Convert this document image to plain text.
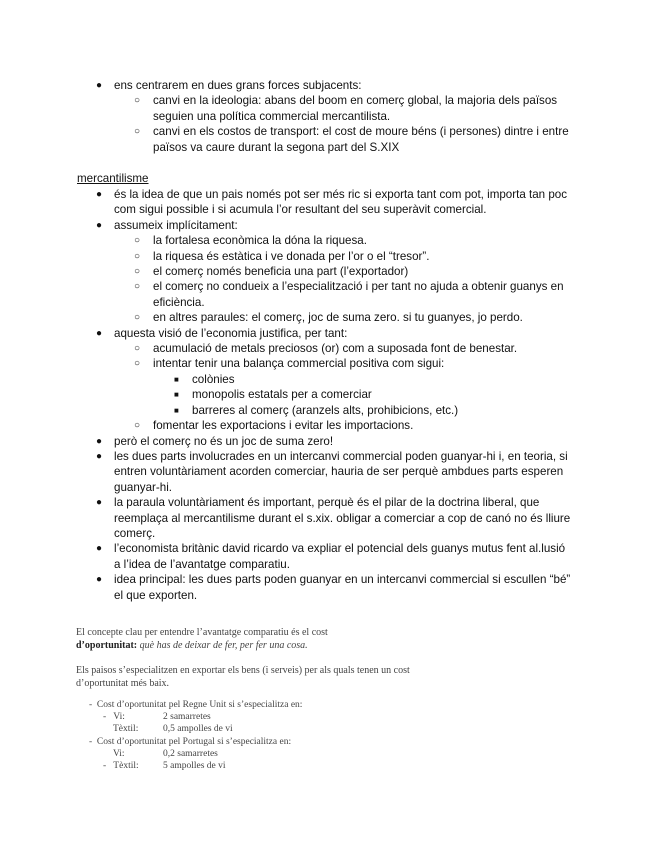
● ens centrarem en dues grans forces subjacents:
○ canvi en la ideologia: abans del boom en comerç global, la majoria dels països seguien una política commercial mercantilista.
○ canvi en els costos de transport: el cost de moure béns (i persones) dintre i entre països va caure durant la segona part del S.XIX
mercantilisme
● és la idea de que un pais només pot ser més ric si exporta tant com pot, importa tan poc com sigui possible i si acumula l’or resultant del seu superàvit comercial.
● assumeix implícitament:
○ la fortalesa econòmica la dóna la riquesa.
○ la riquesa és estàtica i ve donada per l’or o el “tresor”.
○ el comerç només beneficia una part (l’exportador)
○ el comerç no condueix a l’especialització i per tant no ajuda a obtenir guanys en eficiència.
○ en altres paraules: el comerç, joc de suma zero. si tu guanyes, jo perdo.
● aquesta visió de l’economia justifica, per tant:
○ acumulació de metals preciosos (or) com a suposada font de benestar.
○ intentar tenir una balança commercial positiva com sigui:
■ colònies
■ monopolis estatals per a comerciar
■ barreres al comerç (aranzels alts, prohibicions, etc.)
○ fomentar les exportacions i evitar les importacions.
● però el comerç no és un joc de suma zero!
● les dues parts involucrades en un intercanvi commercial poden guanyar-hi i, en teoria, si entren voluntàriament acorden comerciar, hauria de ser perquè ambdues parts esperen guanyar-hi.
● la paraula voluntàriament és important, perquè és el pilar de la doctrina liberal, que reemplaça al mercantilisme durant el s.xix. obligar a comerciar a cop de canó no és lliure comerç.
● l’economista britànic david ricardo va expliar el potencial dels guanys mutus fent al.lusió a l’idea de l’avantatge comparatiu.
● idea principal: les dues parts poden guanyar en un intercanvi commercial si escullen “bé” el que exporten.
El concepte clau per entendre l’avantatge comparatiu és el cost
d’oportunitat: què has de deixar de fer, per fer una cosa.
Els paisos s’especialitzen en exportar els bens (i serveis) per als quals tenen un cost d’oportunitat més baix.
- Cost d’oportunitat pel Regne Unit si s’especialitza en:
- Vi:	2 samarretes
Tèxtil:	0,5 ampolles de vi
- Cost d’oportunitat pel Portugal si s’especialitza en:
Vi:	0,2 samarretes
- Tèxtil:	5 ampolles de vi
